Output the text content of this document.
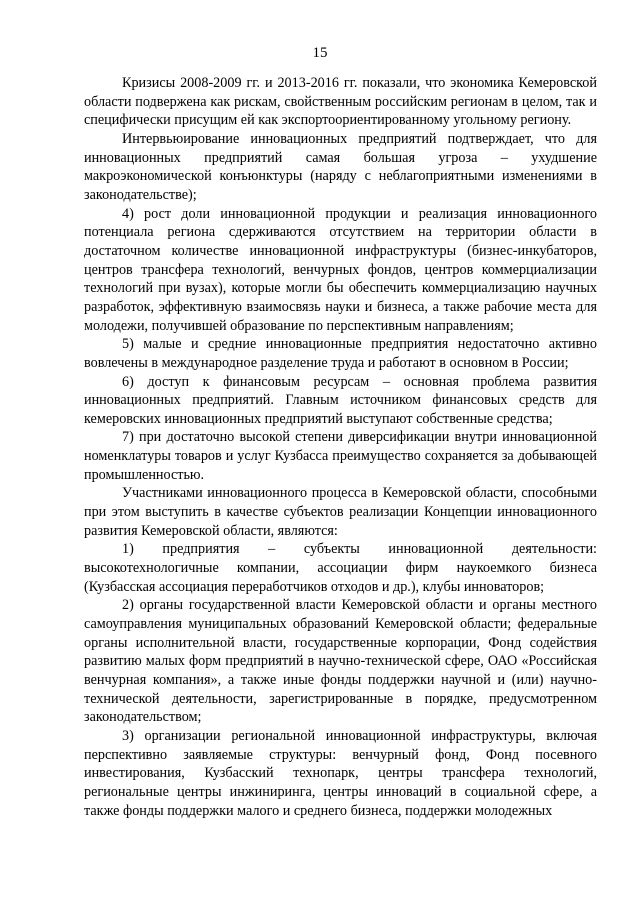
15

Кризисы 2008-2009 гг. и 2013-2016 гг. показали, что экономика Кемеровской области подвержена как рискам, свойственным российским регионам в целом, так и специфически присущим ей как экспортоориентированному угольному региону.

Интервьюирование инновационных предприятий подтверждает, что для инновационных предприятий самая большая угроза – ухудшение макроэкономической конъюнктуры (наряду с неблагоприятными изменениями в законодательстве);

4) рост доли инновационной продукции и реализация инновационного потенциала региона сдерживаются отсутствием на территории области в достаточном количестве инновационной инфраструктуры (бизнес-инкубаторов, центров трансфера технологий, венчурных фондов, центров коммерциализации технологий при вузах), которые могли бы обеспечить коммерциализацию научных разработок, эффективную взаимосвязь науки и бизнеса, а также рабочие места для молодежи, получившей образование по перспективным направлениям;

5) малые и средние инновационные предприятия недостаточно активно вовлечены в международное разделение труда и работают в основном в России;

6) доступ к финансовым ресурсам – основная проблема развития инновационных предприятий. Главным источником финансовых средств для кемеровских инновационных предприятий выступают собственные средства;

7) при достаточно высокой степени диверсификации внутри инновационной номенклатуры товаров и услуг Кузбасса преимущество сохраняется за добывающей промышленностью.

Участниками инновационного процесса в Кемеровской области, способными при этом выступить в качестве субъектов реализации Концепции инновационного развития Кемеровской области, являются:

1) предприятия – субъекты инновационной деятельности: высокотехнологичные компании, ассоциации фирм наукоемкого бизнеса (Кузбасская ассоциация переработчиков отходов и др.), клубы инноваторов;

2) органы государственной власти Кемеровской области и органы местного самоуправления муниципальных образований Кемеровской области; федеральные органы исполнительной власти, государственные корпорации, Фонд содействия развитию малых форм предприятий в научно-технической сфере, ОАО «Российская венчурная компания», а также иные фонды поддержки научной и (или) научно-технической деятельности, зарегистрированные в порядке, предусмотренном законодательством;

3) организации региональной инновационной инфраструктуры, включая перспективно заявляемые структуры: венчурный фонд, Фонд посевного инвестирования, Кузбасский технопарк, центры трансфера технологий, региональные центры инжиниринга, центры инноваций в социальной сфере, а также фонды поддержки малого и среднего бизнеса, поддержки молодежных
